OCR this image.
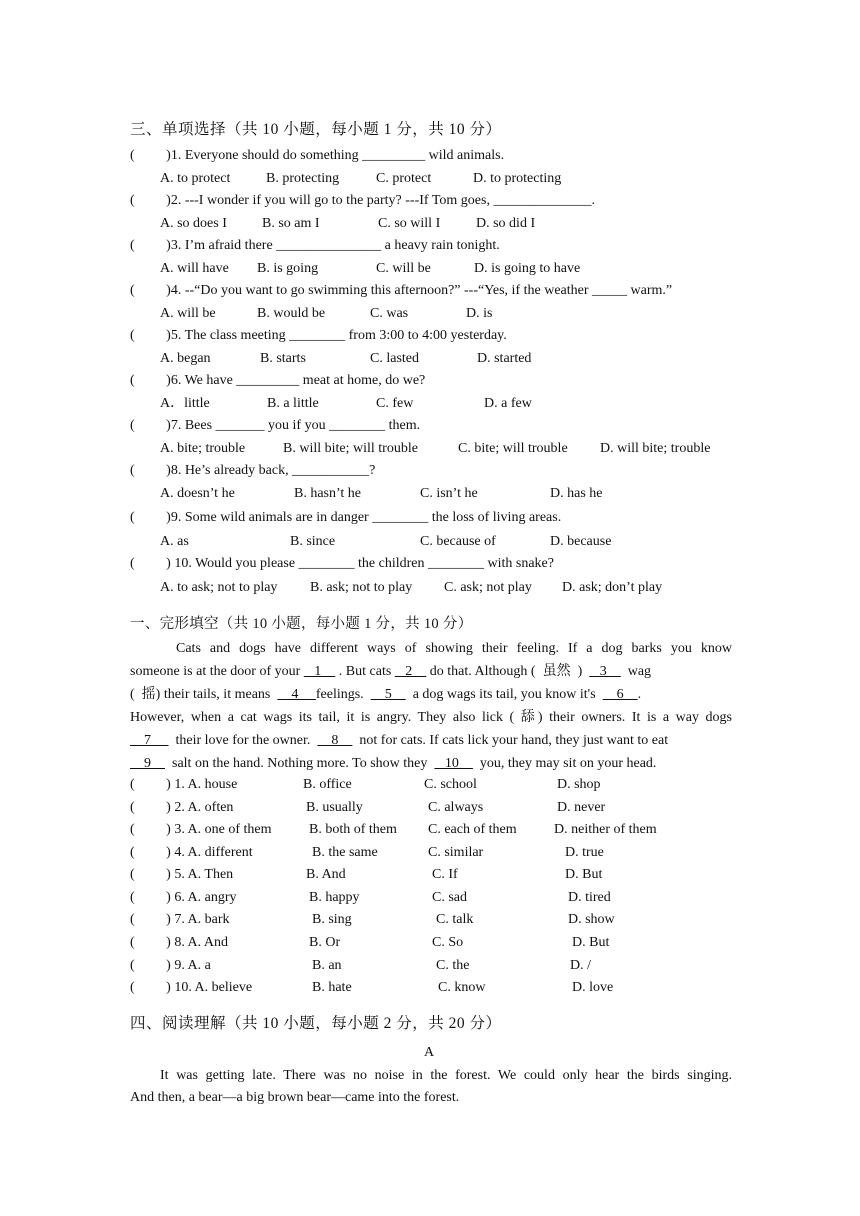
三、单项选择（共 10 小题，每小题 1 分，共 10 分）
(         )1. Everyone should do something _________ wild animals.
A. to protect	B. protecting	C. protect	D. to protecting
(         )2. ---I wonder if you will go to the party? ---If Tom goes, ______________.
A. so does I	B. so am I	C. so will I	D. so did I
(         )3. I’m afraid there _______________ a heavy rain tonight.
A. will have B. is going	C. will be	D. is going to have
(         )4. --“Do you want to go swimming this afternoon?” ---“Yes, if the weather _____ warm.”
A. will be	B. would be	C. was	D. is
(         )5. The class meeting ________ from 3:00 to 4:00 yesterday.
A. began	B. starts	C. lasted	D. started
(         )6. We have _________ meat at home, do we?
A．little	B. a little	C. few	D. a few
(         )7. Bees _______ you if you ________ them.
A. bite; trouble	B. will bite; will trouble	C. bite; will trouble D. will bite; trouble
(         )8. He’s already back, ___________?
A. doesn’t he	B. hasn’t he	C. isn’t he	D. has he
(         )9. Some wild animals are in danger ________ the loss of living areas.
A. as	B. since	C. because of	D. because
(         ) 10. Would you please ________ the children ________ with snake?
A. to ask; not to play B. ask; not to play C. ask; not play D. ask; don’t play
一、完形填空（共 10 小题，每小题 1 分，共 10 分）
Cats and dogs have different ways of showing their feeling. If a dog barks you know
someone is at the door of your    1     . But cats    2     do that. Although (  虽然  )     3      wag
(  摇) their tails, it means      4     feelings.      5      a dog wags its tail, you know it's      6    .
However, when a cat wags its tail, it is angry. They also lick ( 舔) their owners. It is a way dogs
7       their love for the owner.      8      not for cats. If cats lick your hand, they just want to eat
9      salt on the hand. Nothing more. To show they     10      you, they may sit on your head.
(         ) 1. A. house	B. office	C. school	D. shop
(         ) 2. A. often	B. usually	C. always	D. never
(         ) 3. A. one of them	B. both of them C. each of them	D. neither of them
(         ) 4. A. different	B. the same	C. similar	D. true
(         ) 5. A. Then	B. And	C. If	D. But
(         ) 6. A. angry	B. happy	C. sad	D. tired
(         ) 7. A. bark	B. sing	C. talk	D. show
(         ) 8. A. And	B. Or	C. So	D. But
(         ) 9. A. a	B. an	C. the	D. /
(         ) 10. A. believe	B. hate	C. know	D. love
四、阅读理解（共 10 小题，每小题 2 分，共 20 分）
A
It was getting late. There was no noise in the forest. We could only hear the birds singing.
And then, a bear—a big brown bear—came into the forest.
